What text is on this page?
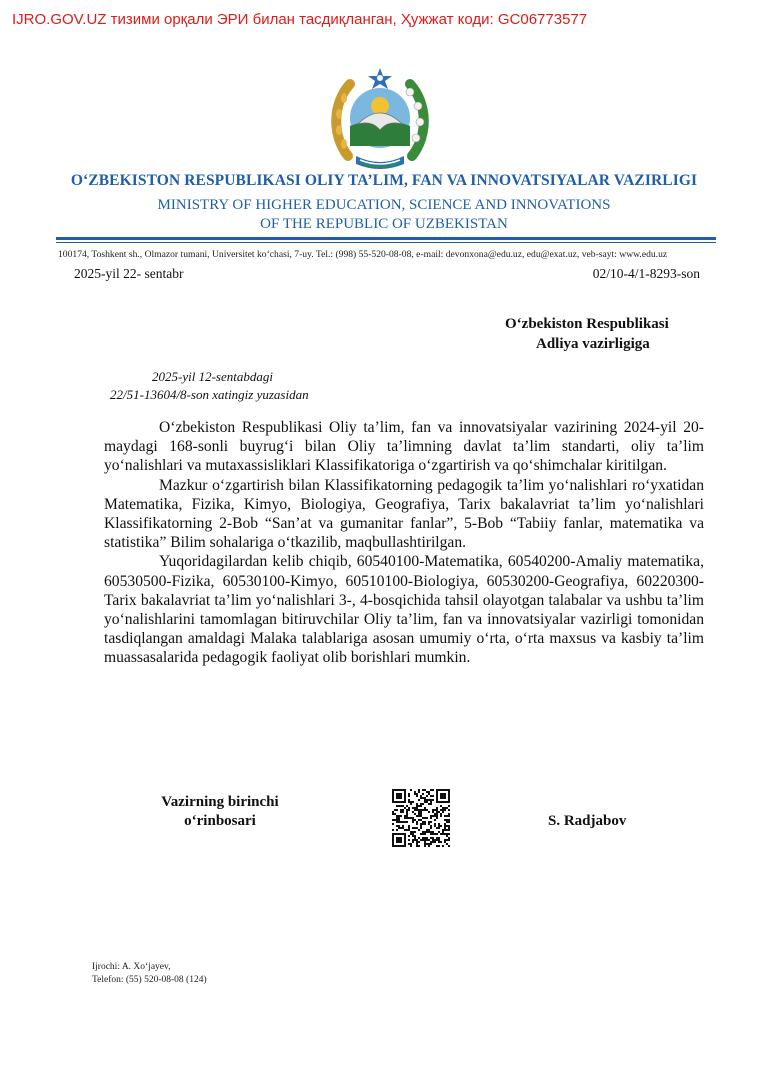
IJRO.GOV.UZ тизими орқали ЭРИ билан тасдиқланган, Ҳужжат коди: GC06773577
O‘ZBEKISTON RESPUBLIKASI OLIY TA’LIM, FAN VA INNOVATSIYALAR VAZIRLIGI
MINISTRY OF HIGHER EDUCATION, SCIENCE AND INNOVATIONS
OF THE REPUBLIC OF UZBEKISTAN
100174, Toshkent sh., Olmazor tumani, Universitet ko‘chasi, 7-uy. Tel.: (998) 55-520-08-08, e-mail: devonxona@edu.uz, edu@exat.uz, veb-sayt: www.edu.uz
2025-yil 22- sentabr	02/10-4/1-8293-son
O‘zbekiston Respublikasi
Adliya vazirligiga
2025-yil 12-sentabdagi
22/51-13604/8-son xatingiz yuzasidan

O‘zbekiston Respublikasi Oliy ta’lim, fan va innovatsiyalar vazirining 2024-yil 20-maydagi 168-sonli buyrug‘i bilan Oliy ta’limning davlat ta’lim standarti, oliy ta’lim yo‘nalishlari va mutaxassisliklari Klassifikatoriga o‘zgartirish va qo‘shimchalar kiritilgan.

Mazkur o‘zgartirish bilan Klassifikatorning pedagogik ta’lim yo‘nalishlari ro‘yxatidan Matematika, Fizika, Kimyo, Biologiya, Geografiya, Tarix bakalavriat ta’lim yo‘nalishlari Klassifikatorning 2-Bob “San’at va gumanitar fanlar”, 5-Bob “Tabiiy fanlar, matematika va statistika” Bilim sohalariga o‘tkazilib, maqbullashtirilgan.

Yuqoridagilardan kelib chiqib, 60540100-Matematika, 60540200-Amaliy matematika, 60530500-Fizika, 60530100-Kimyo, 60510100-Biologiya, 60530200-Geografiya, 60220300-Tarix bakalavriat ta’lim yo‘nalishlari 3-, 4-bosqichida tahsil olayotgan talabalar va ushbu ta’lim yo‘nalishlarini tamomlagan bitiruvchilar Oliy ta’lim, fan va innovatsiyalar vazirligi tomonidan tasdiqlangan amaldagi Malaka talablariga asosan umumiy o‘rta, o‘rta maxsus va kasbiy ta’lim muassasalarida pedagogik faoliyat olib borishlari mumkin.

Vazirning birinchi
o‘rinbosari	S. Radjabov
Ijrochi: A. Xo‘jayev,
Telefon: (55) 520-08-08 (124)
